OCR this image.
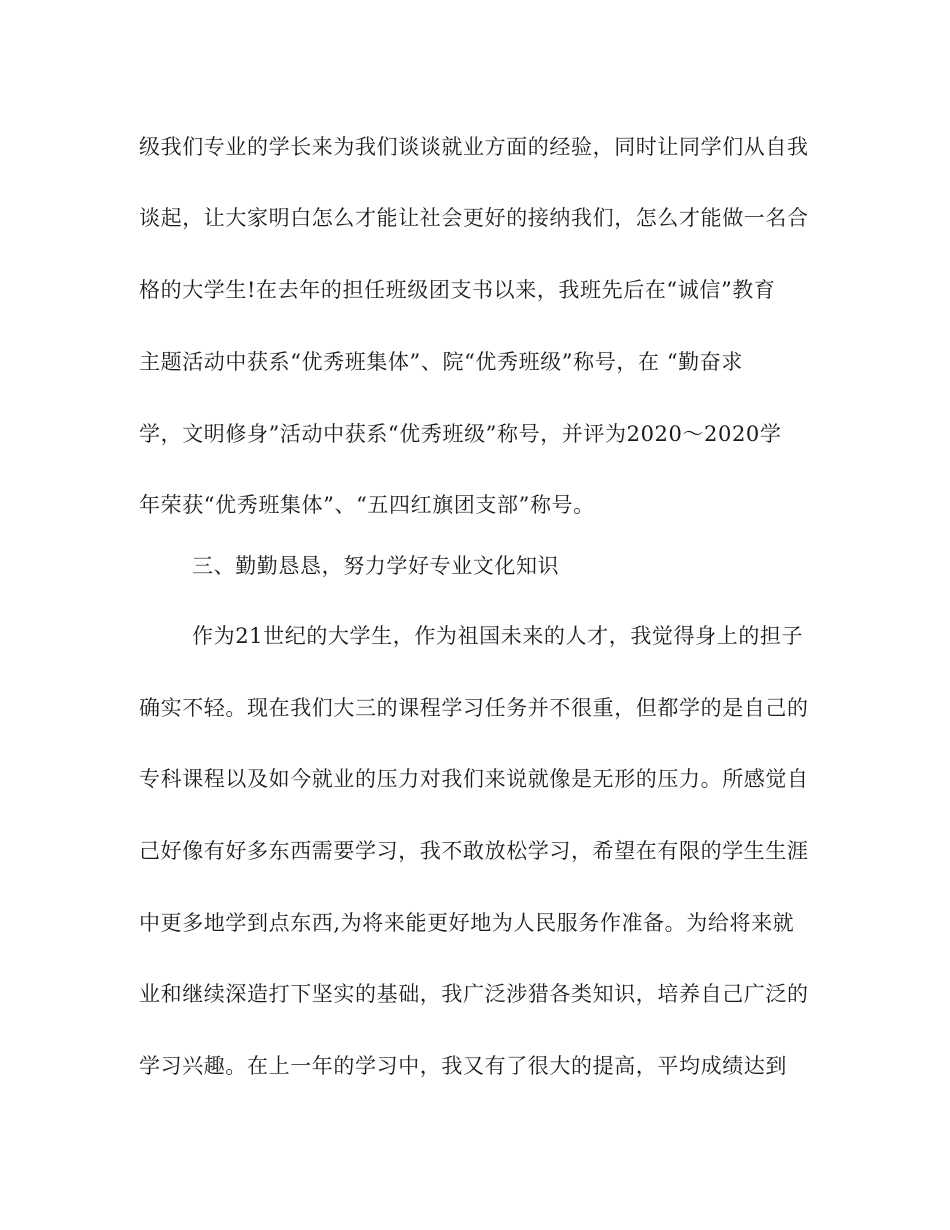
级我们专业的学长来为我们谈谈就业方面的经验，同时让同学们从自我
谈起，让大家明白怎么才能让社会更好的接纳我们，怎么才能做一名合
格的大学生!在去年的担任班级团支书以来，我班先后在“诚信”教育
主题活动中获系“优秀班集体”、院“优秀班级”称号，在 “勤奋求
学，文明修身”活动中获系“优秀班级”称号，并评为2020～2020学
年荣获“优秀班集体”、“五四红旗团支部”称号。
三、勤勤恳恳，努力学好专业文化知识
作为21世纪的大学生，作为祖国未来的人才，我觉得身上的担子
确实不轻。现在我们大三的课程学习任务并不很重，但都学的是自己的
专科课程以及如今就业的压力对我们来说就像是无形的压力。所感觉自
己好像有好多东西需要学习，我不敢放松学习，希望在有限的学生生涯
中更多地学到点东西,为将来能更好地为人民服务作准备。为给将来就
业和继续深造打下坚实的基础，我广泛涉猎各类知识，培养自己广泛的
学习兴趣。在上一年的学习中，我又有了很大的提高，平均成绩达到
